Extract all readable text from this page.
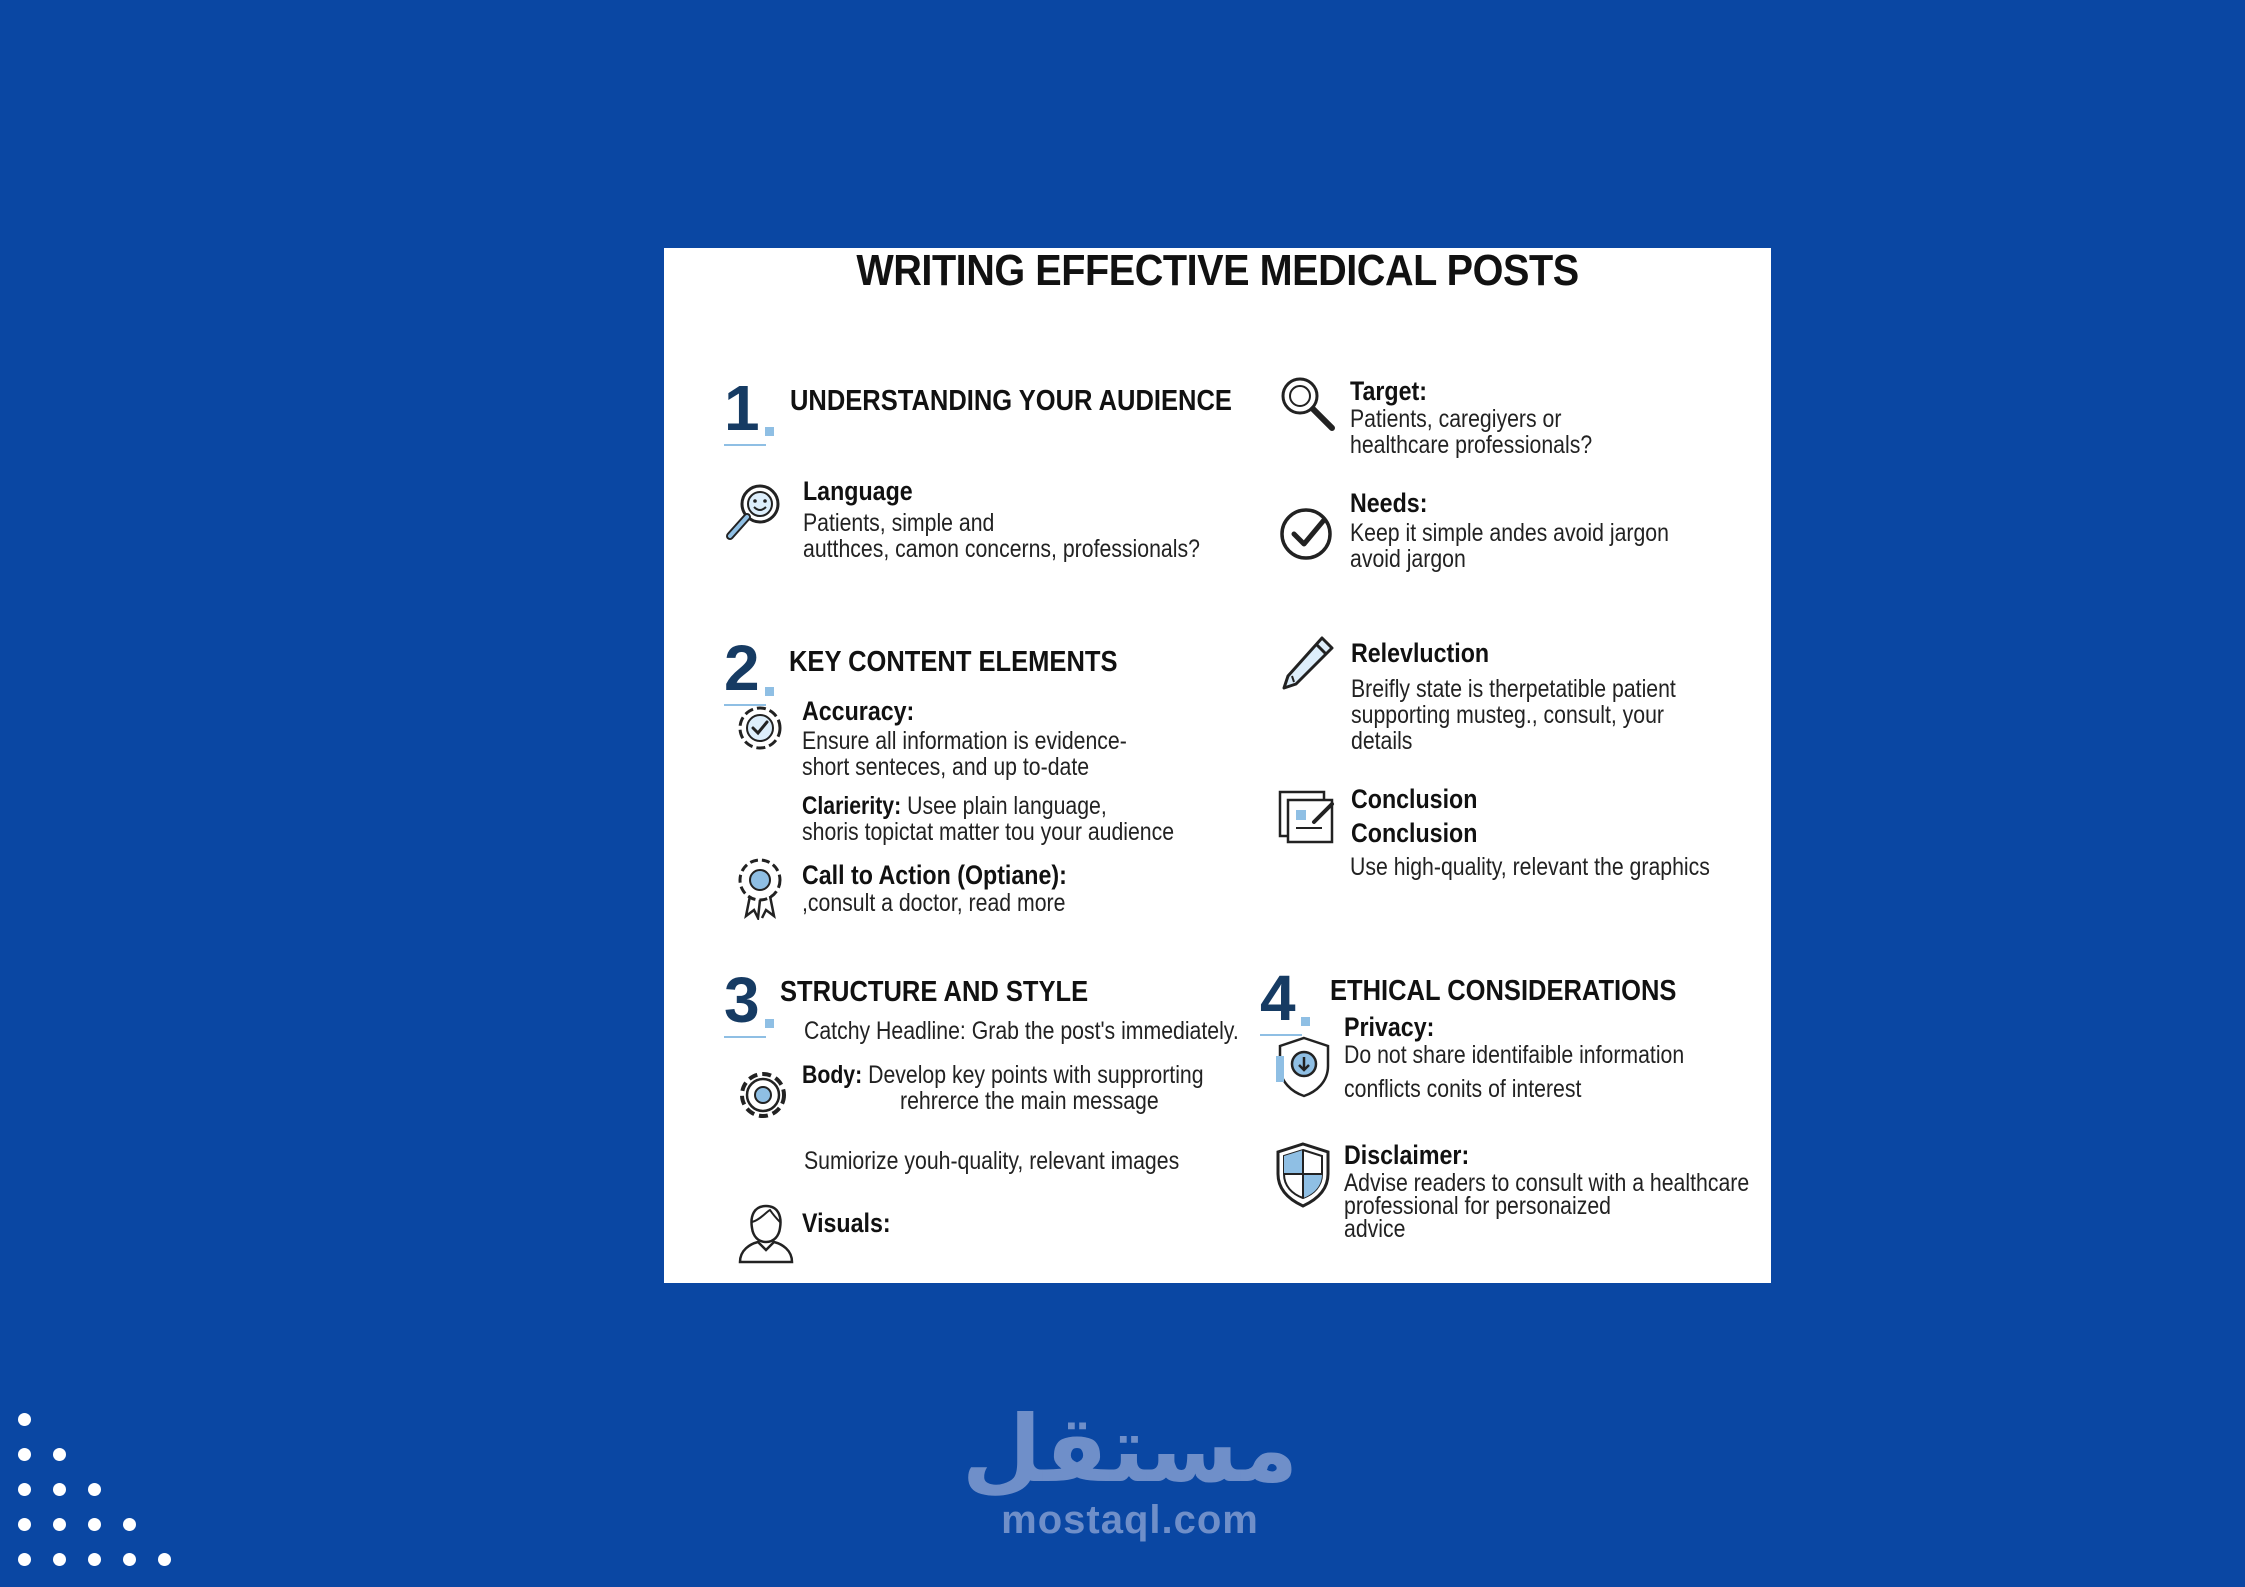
WRITING EFFECTIVE MEDICAL POSTS
1 UNDERSTANDING YOUR AUDIENCE
Language
Patients, simple and
autthces, camon concerns, professionals?
Target:
Patients, caregiyers or
healthcare professionals?
Needs:
Keep it simple andes avoid jargon
avoid jargon
2 KEY CONTENT ELEMENTS
Accuracy:
Ensure all information is evidence-
short senteces, and up to-date
Clarierity: Usee plain language,
shoris topictat matter tou your audience
Call to Action (Optiane):
,consult a doctor, read more
Relevluction
Breifly state is therpetatible patient
supporting musteg., consult, your
details
Conclusion
Conclusion
Use high-quality, relevant the graphics
3 STRUCTURE AND STYLE
Catchy Headline: Grab the post's immediately.
Body: Develop key points with supprorting
rehrerce the main message
Sumiorize youh-quality, relevant images
Visuals:
4 ETHICAL CONSIDERATIONS
Privacy:
Do not share identifaible information
conflicts conits of interest
Disclaimer:
Advise readers to consult with a healthcare
professional for personaized
advice
مستقل
mostaql.com
